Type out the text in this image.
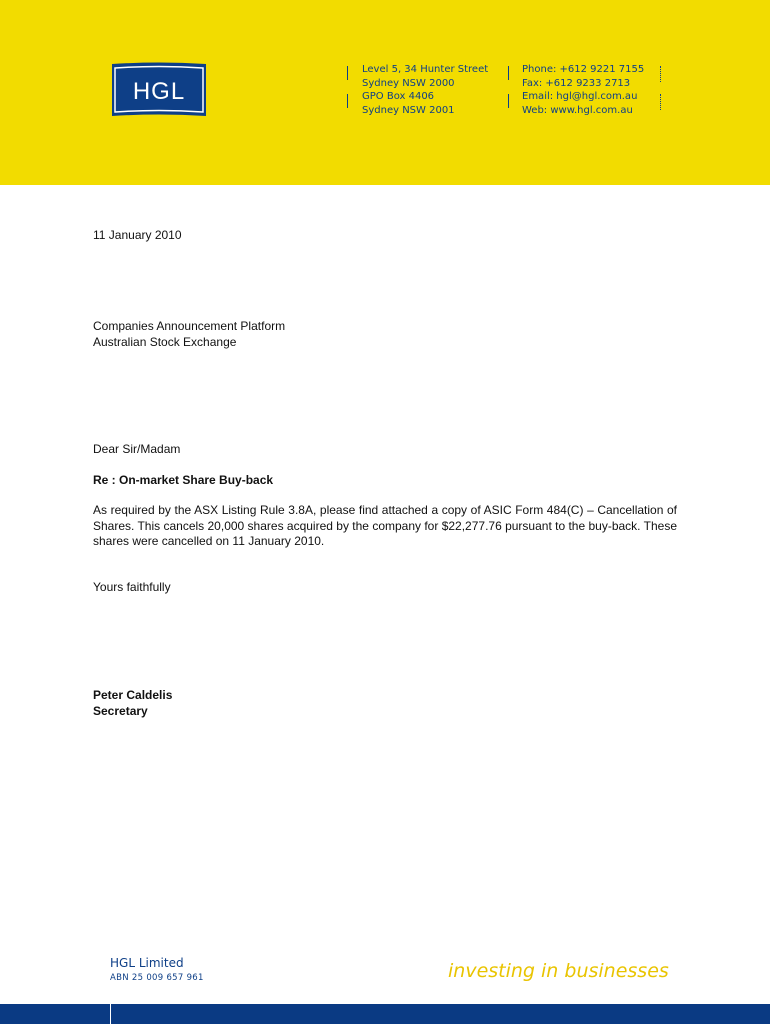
HGL
Level 5, 34 Hunter Street
Sydney NSW 2000
GPO Box 4406
Sydney NSW 2001
Phone: +612 9221 7155
Fax: +612 9233 2713
Email: hgl@hgl.com.au
Web: www.hgl.com.au
11 January 2010
Companies Announcement Platform
Australian Stock Exchange
Dear Sir/Madam
Re : On-market Share Buy-back
As required by the ASX Listing Rule 3.8A, please find attached a copy of ASIC Form 484(C) – Cancellation of Shares. This cancels 20,000 shares acquired by the company for $22,277.76 pursuant to the buy-back. These shares were cancelled on 11 January 2010.
Yours faithfully
Peter Caldelis
Secretary
HGL Limited
ABN 25 009 657 961	investing in businesses
